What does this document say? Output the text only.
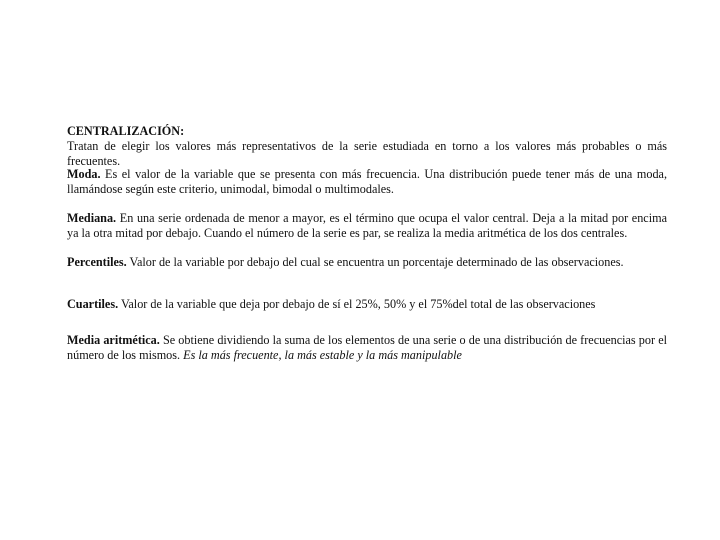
CENTRALIZACIÓN:
Tratan de elegir los valores más representativos de la serie estudiada en torno a los valores más probables o más frecuentes.

Moda. Es el valor de la variable que se presenta con más frecuencia. Una distribución puede tener más de una moda, llamándose según este criterio, unimodal, bimodal o multimodales.

Mediana. En una serie ordenada de menor a mayor, es el término que ocupa el valor central. Deja a la mitad por encima ya la otra mitad por debajo. Cuando el número de la serie es par, se realiza la media aritmética de los dos centrales.

Percentiles. Valor de la variable por debajo del cual se encuentra un porcentaje determinado de las observaciones.

Cuartiles. Valor de la variable que deja por debajo de sí el 25%, 50% y el 75%del total de las observaciones

Media aritmética. Se obtiene dividiendo la suma de los elementos de una serie o de una distribución de frecuencias por el número de los mismos. Es la más frecuente, la más estable y la más manipulable
